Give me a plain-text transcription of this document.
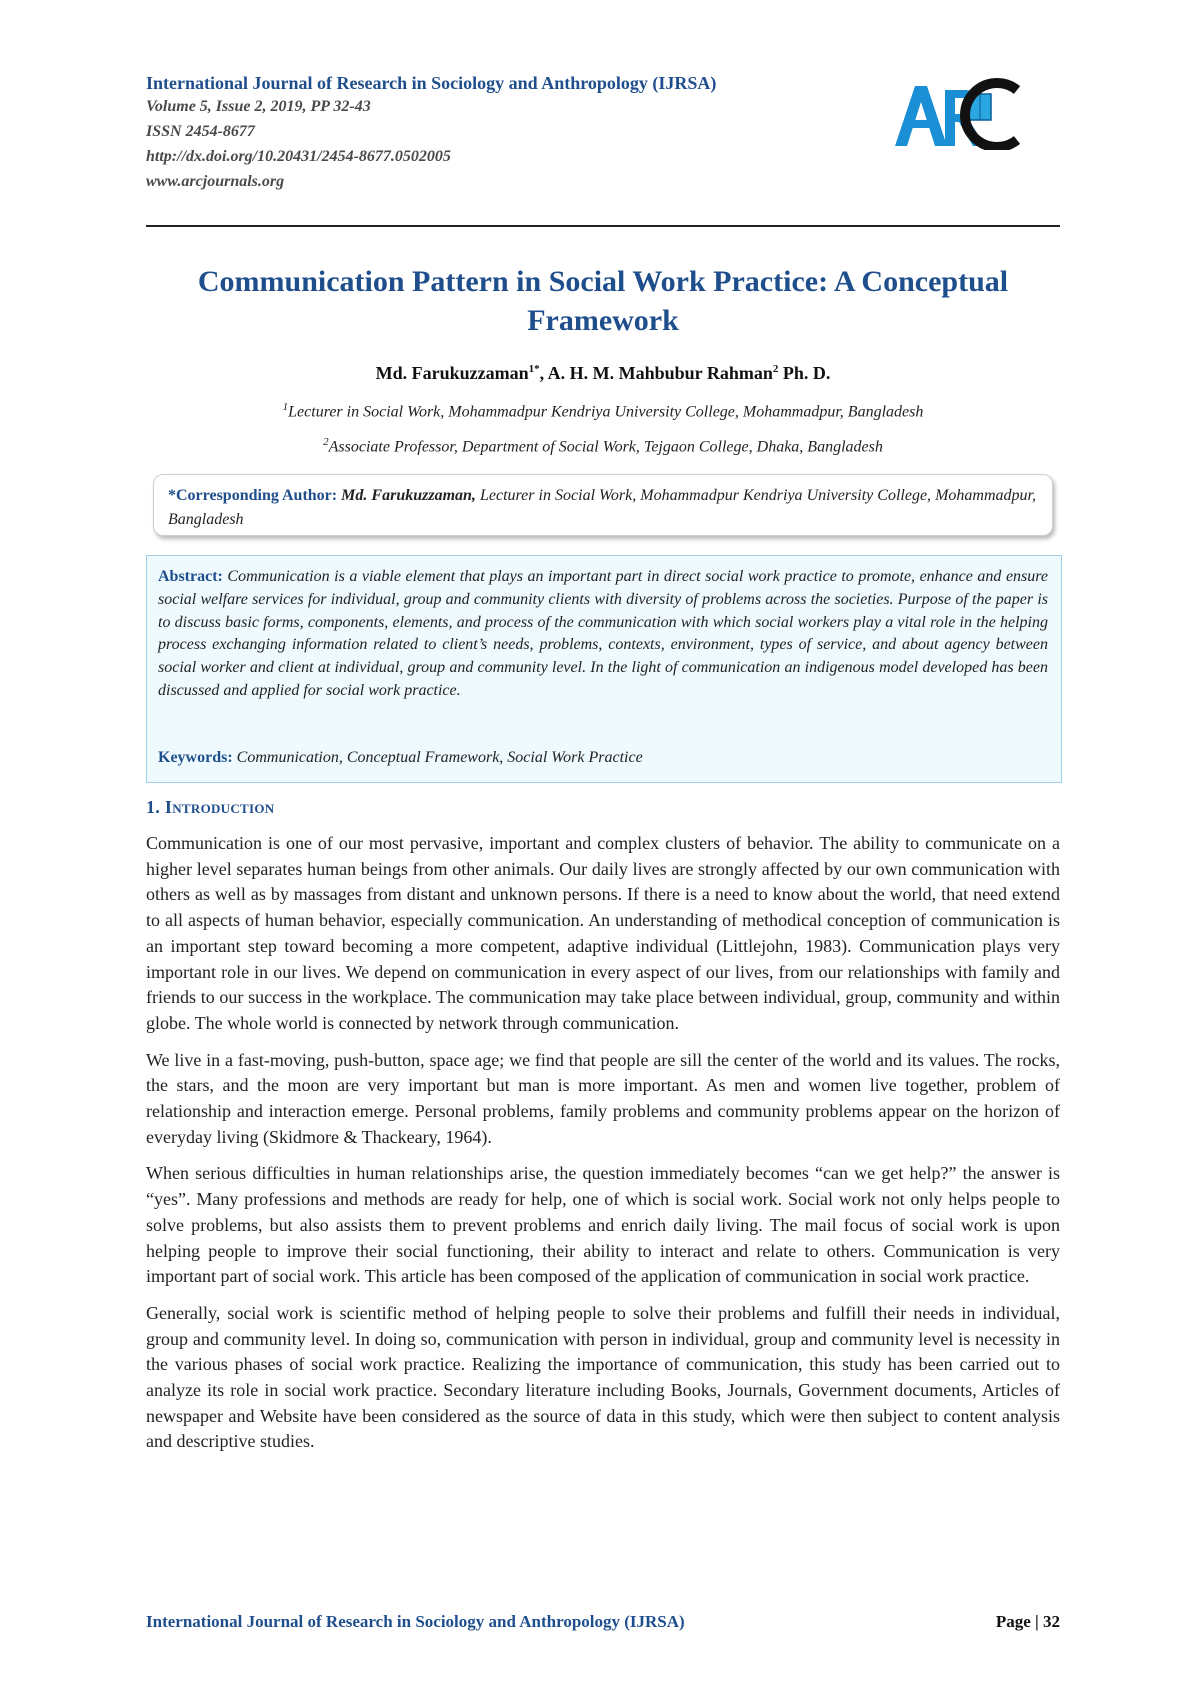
International Journal of Research in Sociology and Anthropology (IJRSA)
Volume 5, Issue 2, 2019, PP 32-43
ISSN 2454-8677
http://dx.doi.org/10.20431/2454-8677.0502005
www.arcjournals.org
Communication Pattern in Social Work Practice: A Conceptual Framework
Md. Farukuzzaman$^{1*}$, A. H. M. Mahbubur Rahman$^2$ Ph. D.
$^1$Lecturer in Social Work, Mohammadpur Kendriya University College, Mohammadpur, Bangladesh
$^2$Associate Professor, Department of Social Work, Tejgaon College, Dhaka, Bangladesh
*Corresponding Author: Md. Farukuzzaman, Lecturer in Social Work, Mohammadpur Kendriya University College, Mohammadpur, Bangladesh
Abstract: Communication is a viable element that plays an important part in direct social work practice to promote, enhance and ensure social welfare services for individual, group and community clients with diversity of problems across the societies. Purpose of the paper is to discuss basic forms, components, elements, and process of the communication with which social workers play a vital role in the helping process exchanging information related to client’s needs, problems, contexts, environment, types of service, and about agency between social worker and client at individual, group and community level. In the light of communication an indigenous model developed has been discussed and applied for social work practice.
Keywords: Communication, Conceptual Framework, Social Work Practice
1. Introduction

Communication is one of our most pervasive, important and complex clusters of behavior. The ability to communicate on a higher level separates human beings from other animals. Our daily lives are strongly affected by our own communication with others as well as by massages from distant and unknown persons. If there is a need to know about the world, that need extend to all aspects of human behavior, especially communication. An understanding of methodical conception of communication is an important step toward becoming a more competent, adaptive individual (Littlejohn, 1983). Communication plays very important role in our lives. We depend on communication in every aspect of our lives, from our relationships with family and friends to our success in the workplace. The communication may take place between individual, group, community and within globe. The whole world is connected by network through communication.

We live in a fast-moving, push-button, space age; we find that people are sill the center of the world and its values. The rocks, the stars, and the moon are very important but man is more important. As men and women live together, problem of relationship and interaction emerge. Personal problems, family problems and community problems appear on the horizon of everyday living (Skidmore & Thackeary, 1964).

When serious difficulties in human relationships arise, the question immediately becomes “can we get help?” the answer is “yes”. Many professions and methods are ready for help, one of which is social work. Social work not only helps people to solve problems, but also assists them to prevent problems and enrich daily living. The mail focus of social work is upon helping people to improve their social functioning, their ability to interact and relate to others. Communication is very important part of social work. This article has been composed of the application of communication in social work practice.

Generally, social work is scientific method of helping people to solve their problems and fulfill their needs in individual, group and community level. In doing so, communication with person in individual, group and community level is necessity in the various phases of social work practice. Realizing the importance of communication, this study has been carried out to analyze its role in social work practice. Secondary literature including Books, Journals, Government documents, Articles of newspaper and Website have been considered as the source of data in this study, which were then subject to content analysis and descriptive studies.

International Journal of Research in Sociology and Anthropology (IJRSA)	Page | 32
